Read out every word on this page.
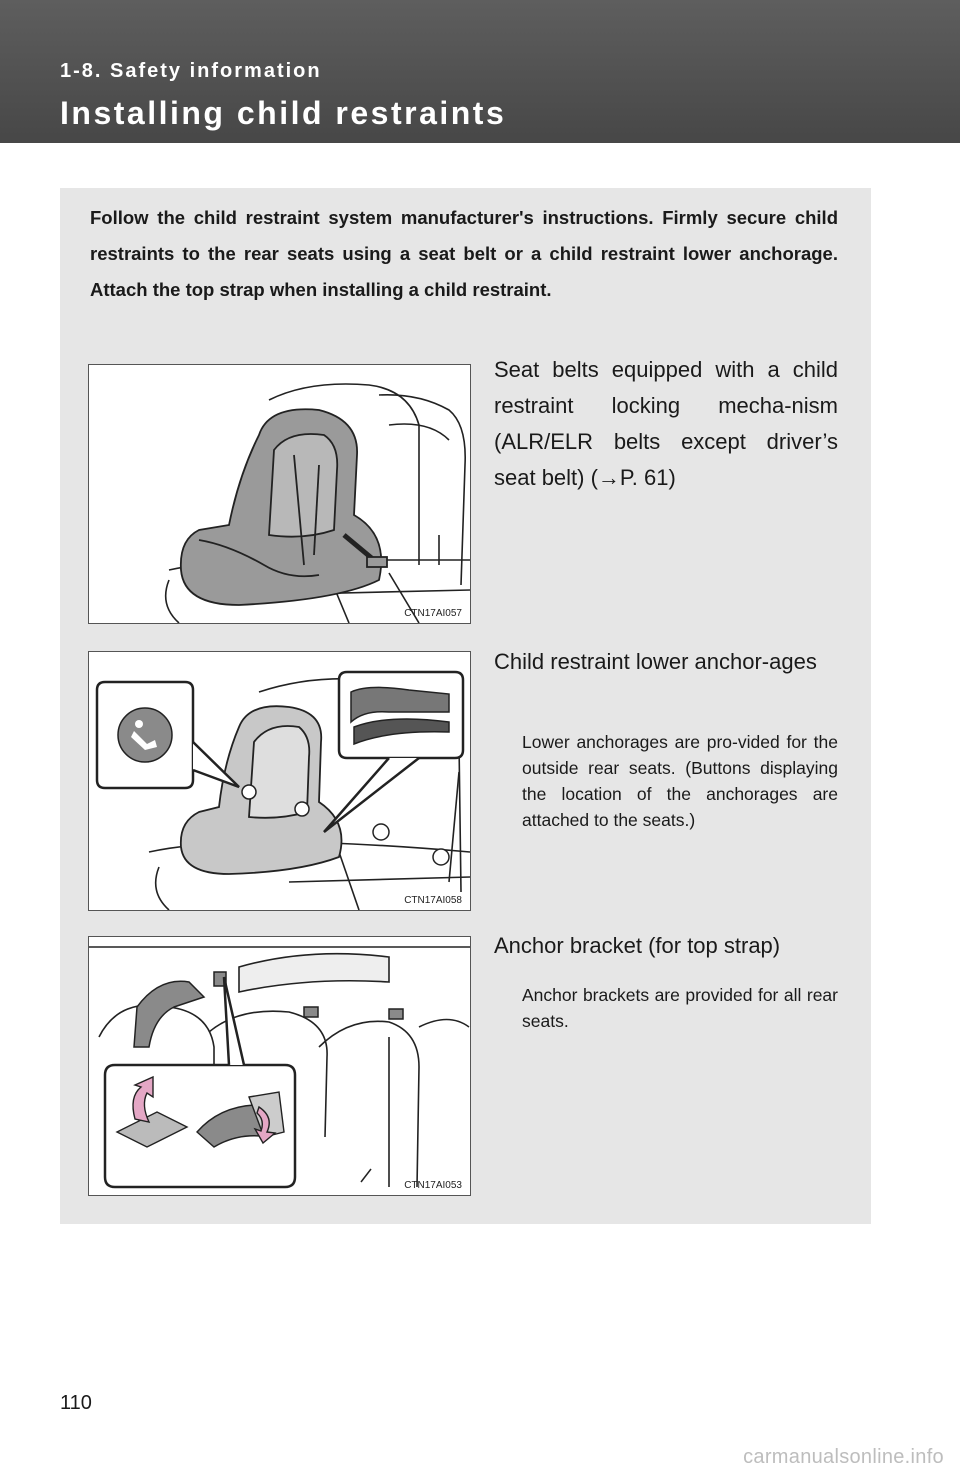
1-8. Safety information
Installing child restraints

Follow the child restraint system manufacturer's instructions. Firmly secure child restraints to the rear seats using a seat belt or a child restraint lower anchorage. Attach the top strap when installing a child restraint.

CTN17AI057

Seat belts equipped with a child restraint locking mecha-nism (ALR/ELR belts except driver’s seat belt) (→P. 61)

CTN17AI058

Child restraint lower anchor-ages

Lower anchorages are pro-vided for the outside rear seats. (Buttons displaying the location of the anchorages are attached to the seats.)

CTN17AI053

Anchor bracket (for top strap)

Anchor brackets are provided for all rear seats.

110
carmanualsonline.info
